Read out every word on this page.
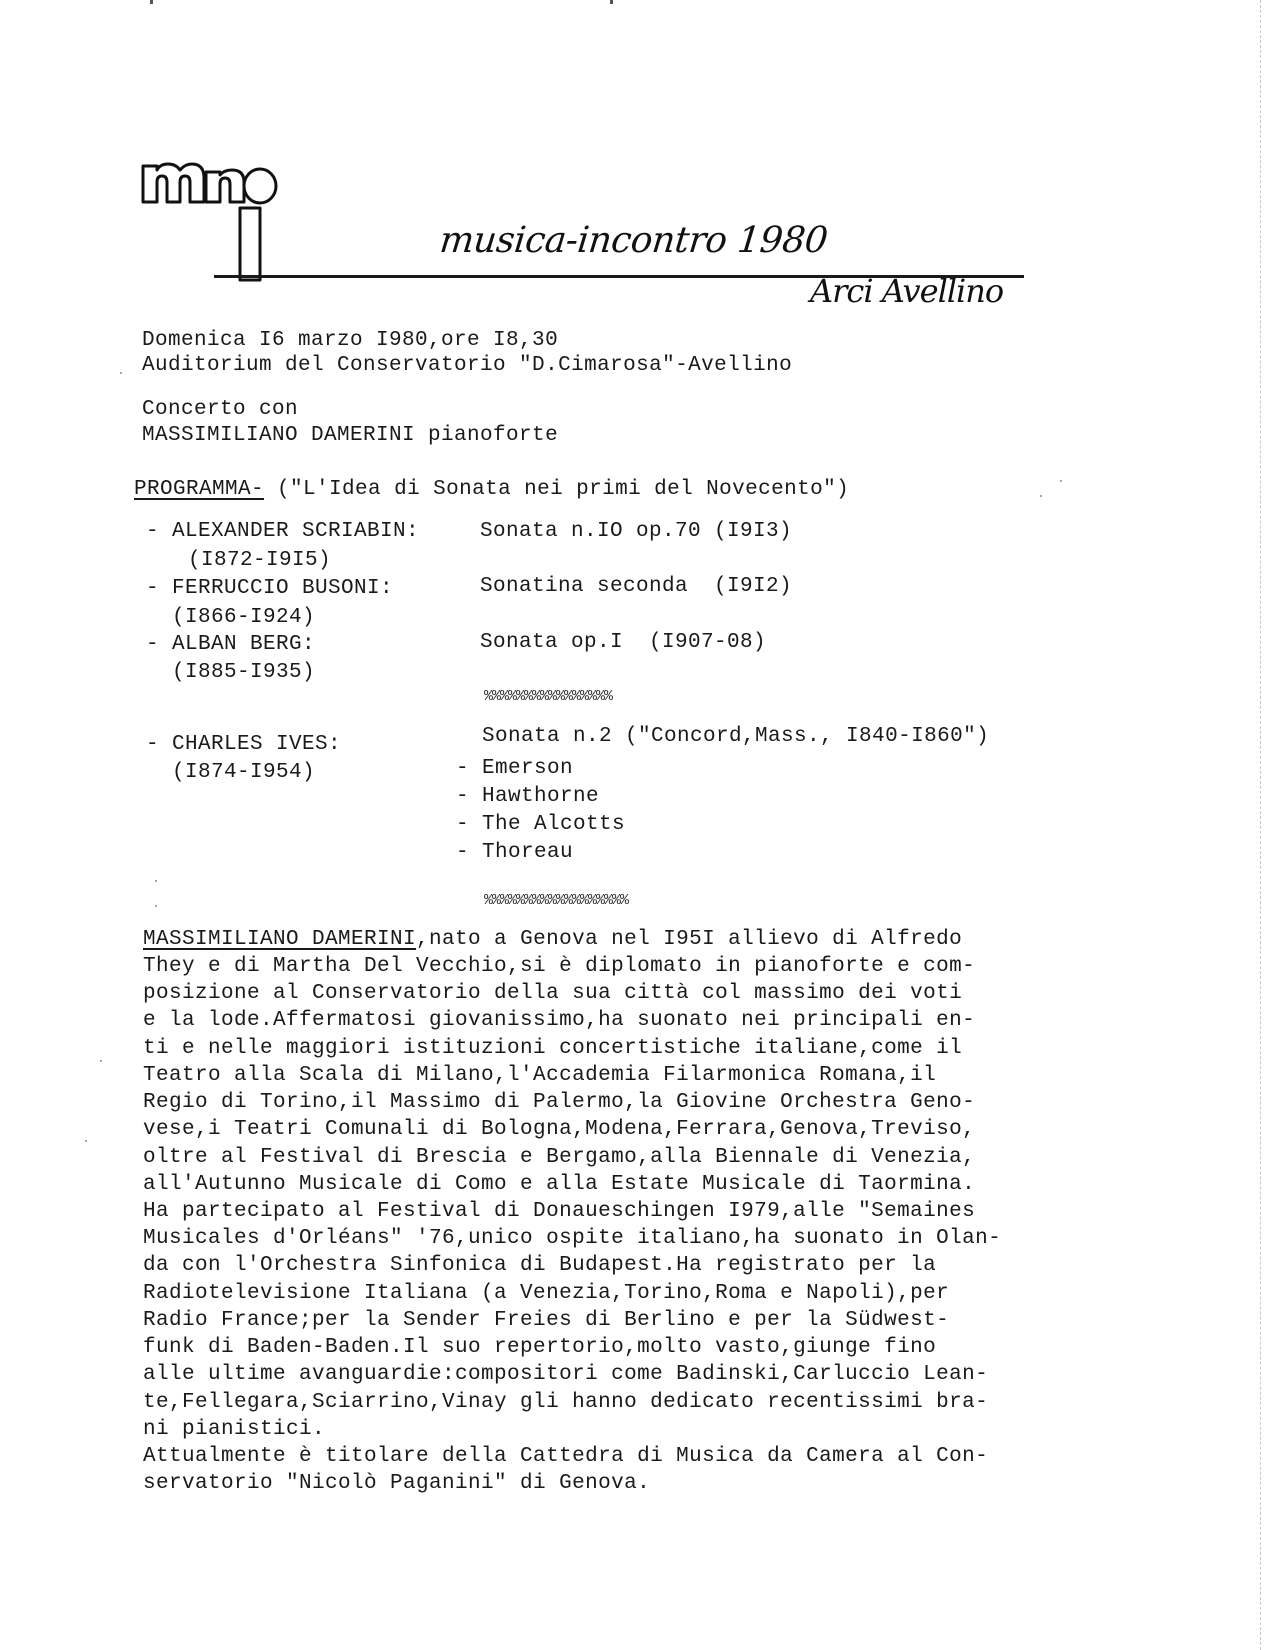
musica-incontro 1980
Arci Avellino
Domenica I6 marzo I980,ore I8,30
Auditorium del Conservatorio "D.Cimarosa"-Avellino
Concerto con
MASSIMILIANO DAMERINI pianoforte
PROGRAMMA- ("L'Idea di Sonata nei primi del Novecento")
- ALEXANDER SCRIABIN:
(I872-I9I5)
Sonata n.IO op.70 (I9I3)
- FERRUCCIO BUSONI:
(I866-I924)
Sonatina seconda  (I9I2)
- ALBAN BERG:
(I885-I935)
Sonata op.I  (I907-08)
%%%%%%%%%%%%%%%%
- CHARLES IVES:
(I874-I954)
Sonata n.2 ("Concord,Mass., I840-I860")
- Emerson
- Hawthorne
- The Alcotts
- Thoreau
%%%%%%%%%%%%%%%%%%
MASSIMILIANO DAMERINI,nato a Genova nel I95I allievo di Alfredo
They e di Martha Del Vecchio,si è diplomato in pianoforte e com-
posizione al Conservatorio della sua città col massimo dei voti
e la lode.Affermatosi giovanissimo,ha suonato nei principali en-
ti e nelle maggiori istituzioni concertistiche italiane,come il
Teatro alla Scala di Milano,l'Accademia Filarmonica Romana,il
Regio di Torino,il Massimo di Palermo,la Giovine Orchestra Geno-
vese,i Teatri Comunali di Bologna,Modena,Ferrara,Genova,Treviso,
oltre al Festival di Brescia e Bergamo,alla Biennale di Venezia,
all'Autunno Musicale di Como e alla Estate Musicale di Taormina.
Ha partecipato al Festival di Donaueschingen I979,alle "Semaines
Musicales d'Orléans" '76,unico ospite italiano,ha suonato in Olan-
da con l'Orchestra Sinfonica di Budapest.Ha registrato per la
Radiotelevisione Italiana (a Venezia,Torino,Roma e Napoli),per
Radio France;per la Sender Freies di Berlino e per la Südwest-
funk di Baden-Baden.Il suo repertorio,molto vasto,giunge fino
alle ultime avanguardie:compositori come Badinski,Carluccio Lean-
te,Fellegara,Sciarrino,Vinay gli hanno dedicato recentissimi bra-
ni pianistici.
Attualmente è titolare della Cattedra di Musica da Camera al Con-
servatorio "Nicolò Paganini" di Genova.
